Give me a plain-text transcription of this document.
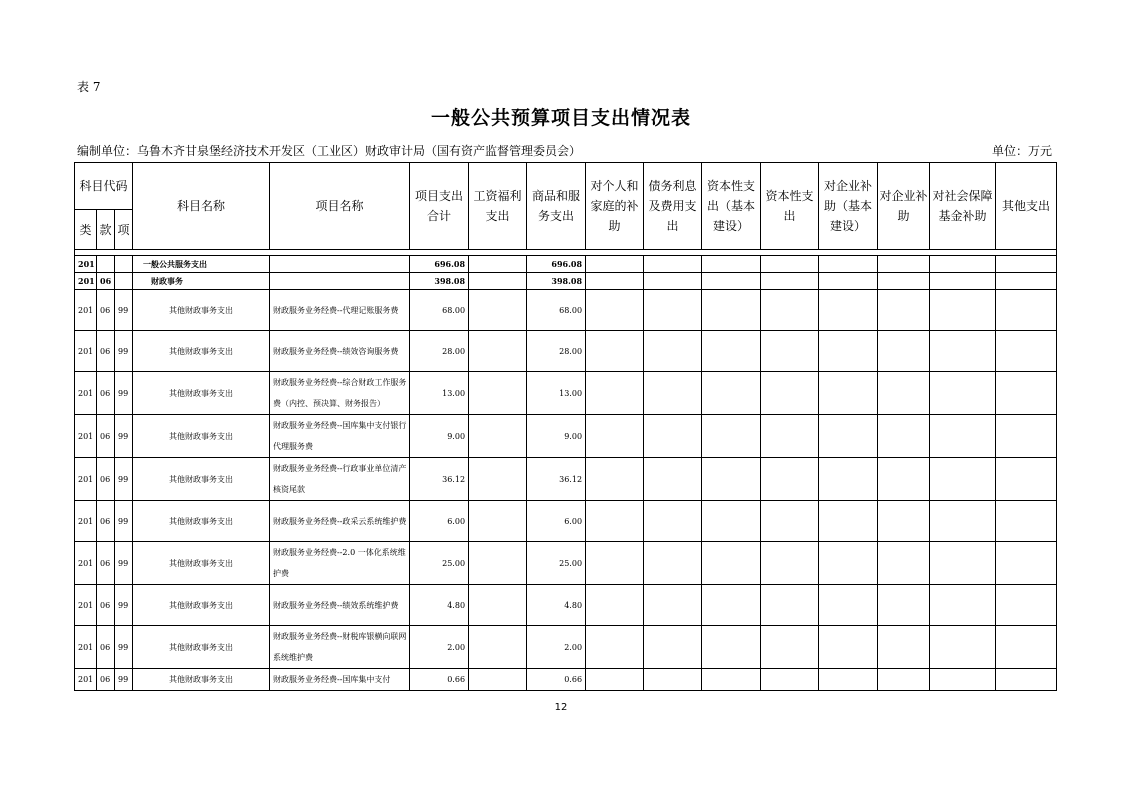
表 7
一般公共预算项目支出情况表
编制单位：乌鲁木齐甘泉堡经济技术开发区（工业区）财政审计局（国有资产监督管理委员会）	单位：万元
科目代码			科目名称	项目名称	项目支出合计	工资福利支出	商品和服务支出	对个人和家庭的补助	债务利息及费用支出	资本性支出（基本建设）	资本性支出	对企业补助（基本建设）	对企业补助	对社会保障基金补助	其他支出
类	款	项													

201			一般公共服务支出		696.08		696.08								
201	06		财政事务		398.08		398.08								
201	06	99	其他财政事务支出	财政服务业务经费--代理记账服务费	68.00		68.00								
201	06	99	其他财政事务支出	财政服务业务经费--绩效咨询服务费	28.00		28.00								
201	06	99	其他财政事务支出	财政服务业务经费--综合财政工作服务费（内控、预决算、财务报告）	13.00		13.00								
201	06	99	其他财政事务支出	财政服务业务经费--国库集中支付银行代理服务费	9.00		9.00								
201	06	99	其他财政事务支出	财政服务业务经费--行政事业单位清产核资尾款	36.12		36.12								
201	06	99	其他财政事务支出	财政服务业务经费--政采云系统维护费	6.00		6.00								
201	06	99	其他财政事务支出	财政服务业务经费--2.0 一体化系统维护费	25.00		25.00								
201	06	99	其他财政事务支出	财政服务业务经费--绩效系统维护费	4.80		4.80								
201	06	99	其他财政事务支出	财政服务业务经费--财税库银横向联网系统维护费	2.00		2.00								
201	06	99	其他财政事务支出	财政服务业务经费--国库集中支付	0.66		0.66								
12
